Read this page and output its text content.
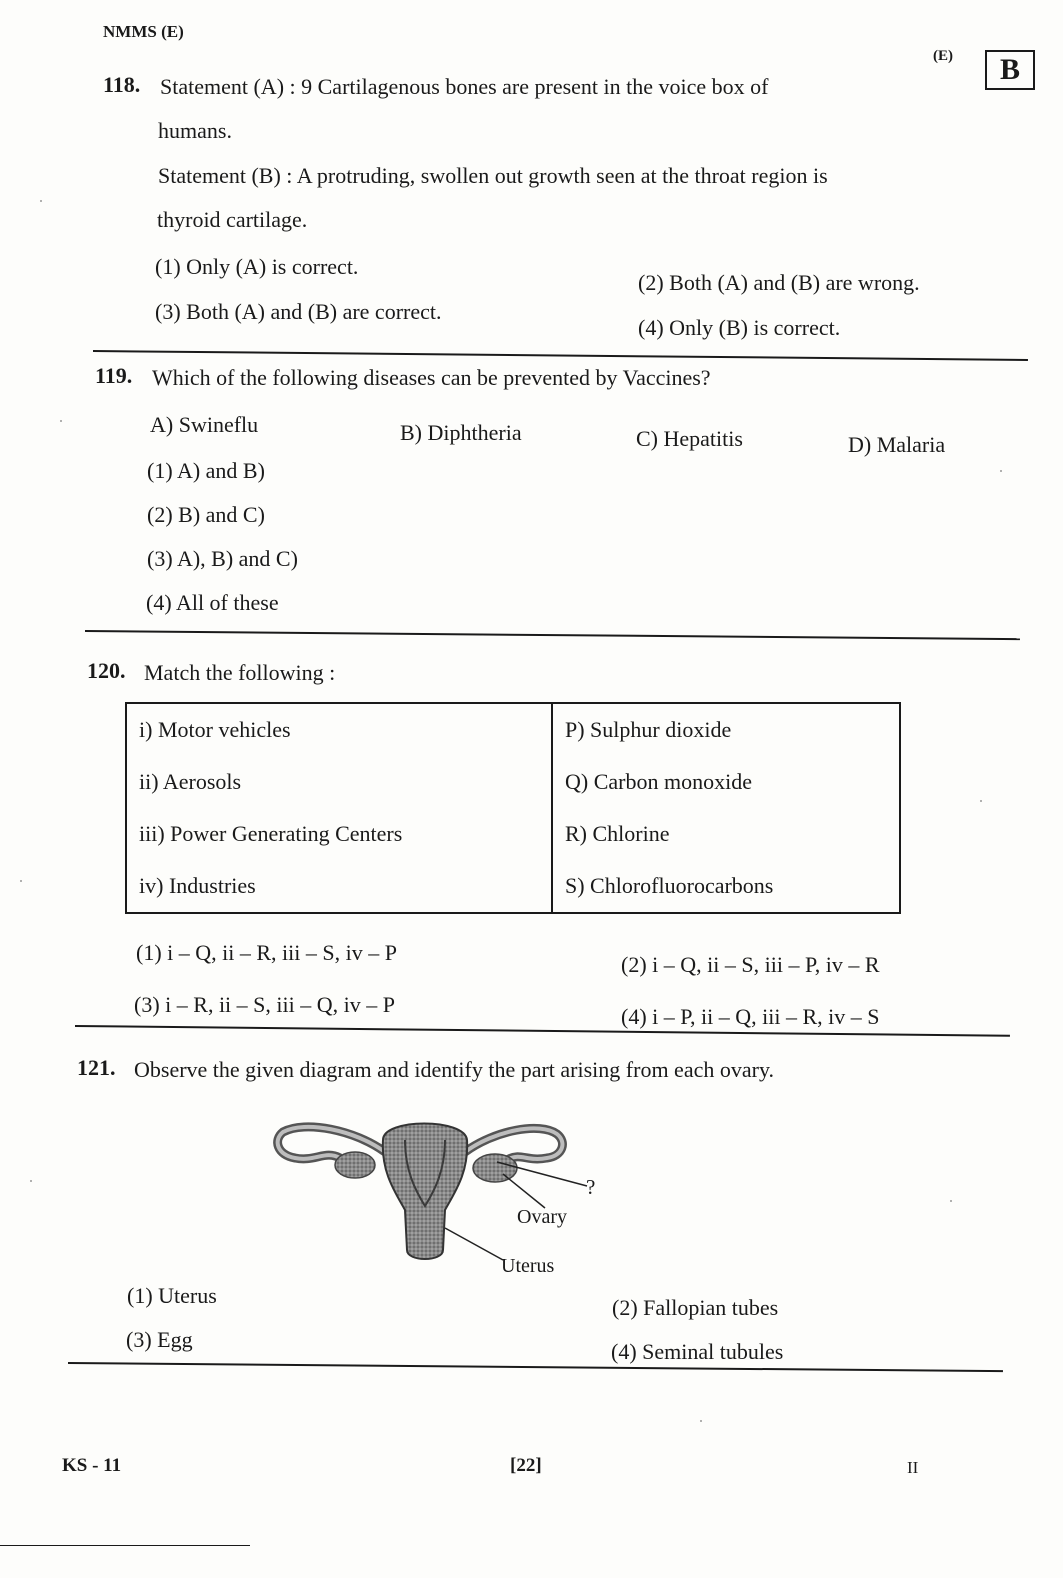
NMMS (E)
(E)	B
118. Statement (A) : 9 Cartilagenous bones are present in the voice box of
humans.
Statement (B) : A protruding, swollen out growth seen at the throat region is
thyroid cartilage.
(1) Only (A) is correct.
(2) Both (A) and (B) are wrong.
(3) Both (A) and (B) are correct.
(4) Only (B) is correct.
119. Which of the following diseases can be prevented by Vaccines?
A) Swineflu	B) Diphtheria	C) Hepatitis	D) Malaria
(1) A) and B)
(2) B) and C)
(3) A), B) and C)
(4) All of these
120. Match the following :
i) Motor vehicles	P) Sulphur dioxide
ii) Aerosols	Q) Carbon monoxide
iii) Power Generating Centers	R) Chlorine
iv) Industries	S) Chlorofluorocarbons
(1) i – Q, ii – R, iii – S, iv – P	(2) i – Q, ii – S, iii – P, iv – R
(3) i – R, ii – S, iii – Q, iv – P	(4) i – P, ii – Q, iii – R, iv – S
121. Observe the given diagram and identify the part arising from each ovary.
?
Ovary
Uterus
(1) Uterus	(2) Fallopian tubes
(3) Egg	(4) Seminal tubules
KS - 11	[22]	II
